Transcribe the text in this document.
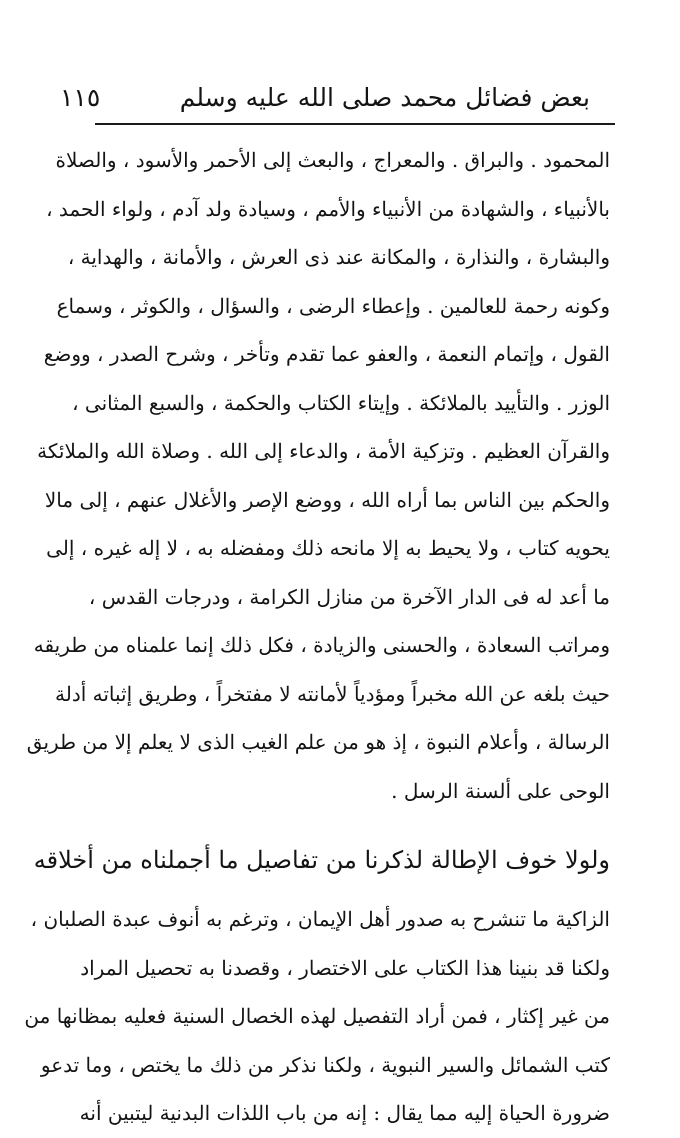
بعض فضائل محمد صلى الله عليه وسلم
١١٥
المحمود . والبراق . والمعراج ، والبعث إلى الأحمر والأسود ، والصلاة
بالأنبياء ، والشهادة من الأنبياء والأمم ، وسيادة ولد آدم ، ولواء الحمد ،
والبشارة ، والنذارة ، والمكانة عند ذى العرش ، والأمانة ، والهداية ،
وكونه رحمة للعالمين . وإعطاء الرضى ، والسؤال ، والكوثر ، وسماع
القول ، وإتمام النعمة ، والعفو عما تقدم وتأخر ، وشرح الصدر ، ووضع
الوزر . والتأييد بالملائكة . وإيتاء الكتاب والحكمة ، والسبع المثانى ،
والقرآن العظيم . وتزكية الأمة ، والدعاء إلى الله . وصلاة الله والملائكة
والحكم بين الناس بما أراه الله ، ووضع الإصر والأغلال عنهم ، إلى مالا
يحويه كتاب ، ولا يحيط به إلا مانحه ذلك ومفضله به ، لا إله غيره ، إلى
ما أعد له فى الدار الآخرة من منازل الكرامة ، ودرجات القدس ،
ومراتب السعادة ، والحسنى والزيادة ، فكل ذلك إنما علمناه من طريقه
حيث بلغه عن الله مخبراً ومؤدياً لأمانته لا مفتخراً ، وطريق إثباته أدلة
الرسالة ، وأعلام النبوة ، إذ هو من علم الغيب الذى لا يعلم إلا من طريق
الوحى على ألسنة الرسل .
ولولا خوف الإطالة لذكرنا من تفاصيل ما أجملناه من أخلاقه
الزاكية ما تنشرح به صدور أهل الإيمان ، وترغم به أنوف عبدة الصلبان ،
ولكنا قد بنينا هذا الكتاب على الاختصار ، وقصدنا به تحصيل المراد
من غير إكثار ، فمن أراد التفصيل لهذه الخصال السنية فعليه بمظانها من
كتب الشمائل والسير النبوية ، ولكنا نذكر من ذلك ما يختص ، وما تدعو
ضرورة الحياة إليه مما يقال : إنه من باب اللذات البدنية ليتبين أنه
